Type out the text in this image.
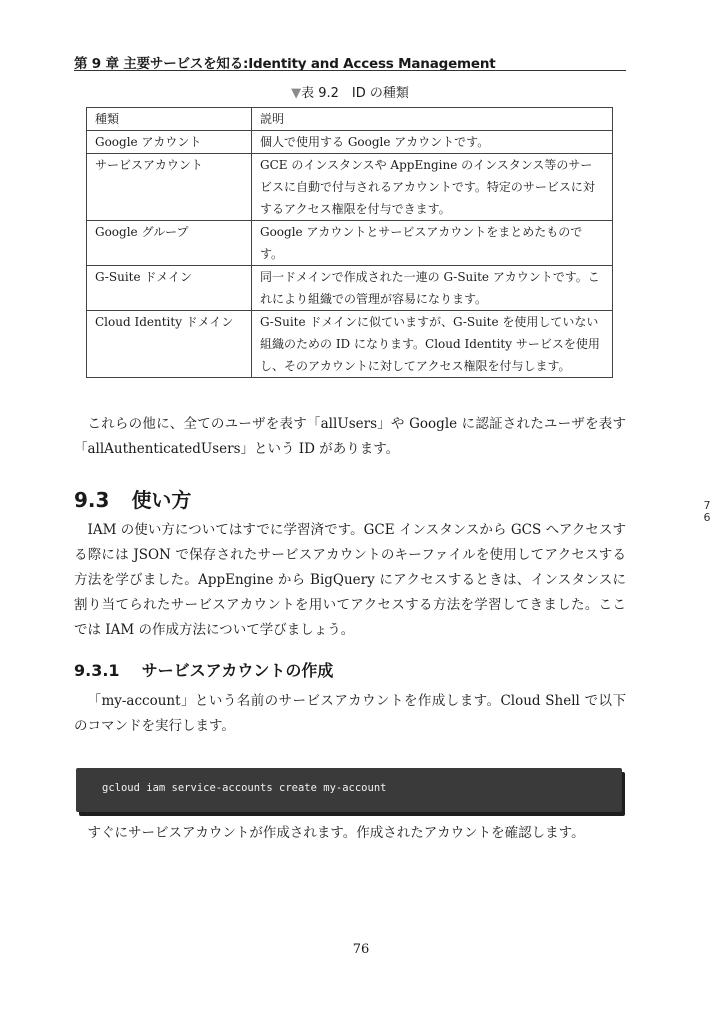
第 9 章 主要サービスを知る:Identity and Access Management
▼表 9.2　ID の種類
種類	説明
Google アカウント	個人で使用する Google アカウントです。
サービスアカウント	GCE のインスタンスや AppEngine のインスタンス等のサービスに自動で付与されるアカウントです。特定のサービスに対するアクセス権限を付与できます。
Google グループ	Google アカウントとサービスアカウントをまとめたものです。
G-Suite ドメイン	同一ドメインで作成された一連の G-Suite アカウントです。これにより組織での管理が容易になります。
Cloud Identity ドメイン	G-Suite ドメインに似ていますが、G-Suite を使用していない組織のための ID になります。Cloud Identity サービスを使用し、そのアカウントに対してアクセス権限を付与します。

これらの他に、全てのユーザを表す「allUsers」や Google に認証されたユーザを表す「allAuthenticatedUsers」という ID があります。

9.3 使い方	7
6

IAM の使い方についてはすでに学習済です。GCE インスタンスから GCS へアクセスする際には JSON で保存されたサービスアカウントのキーファイルを使用してアクセスする方法を学びました。AppEngine から BigQuery にアクセスするときは、インスタンスに割り当てられたサービスアカウントを用いてアクセスする方法を学習してきました。ここでは IAM の作成方法について学びましょう。

9.3.1 サービスアカウントの作成

「my-account」という名前のサービスアカウントを作成します。Cloud Shell で以下のコマンドを実行します。

gcloud iam service-accounts create my-account

すぐにサービスアカウントが作成されます。作成されたアカウントを確認します。

76
